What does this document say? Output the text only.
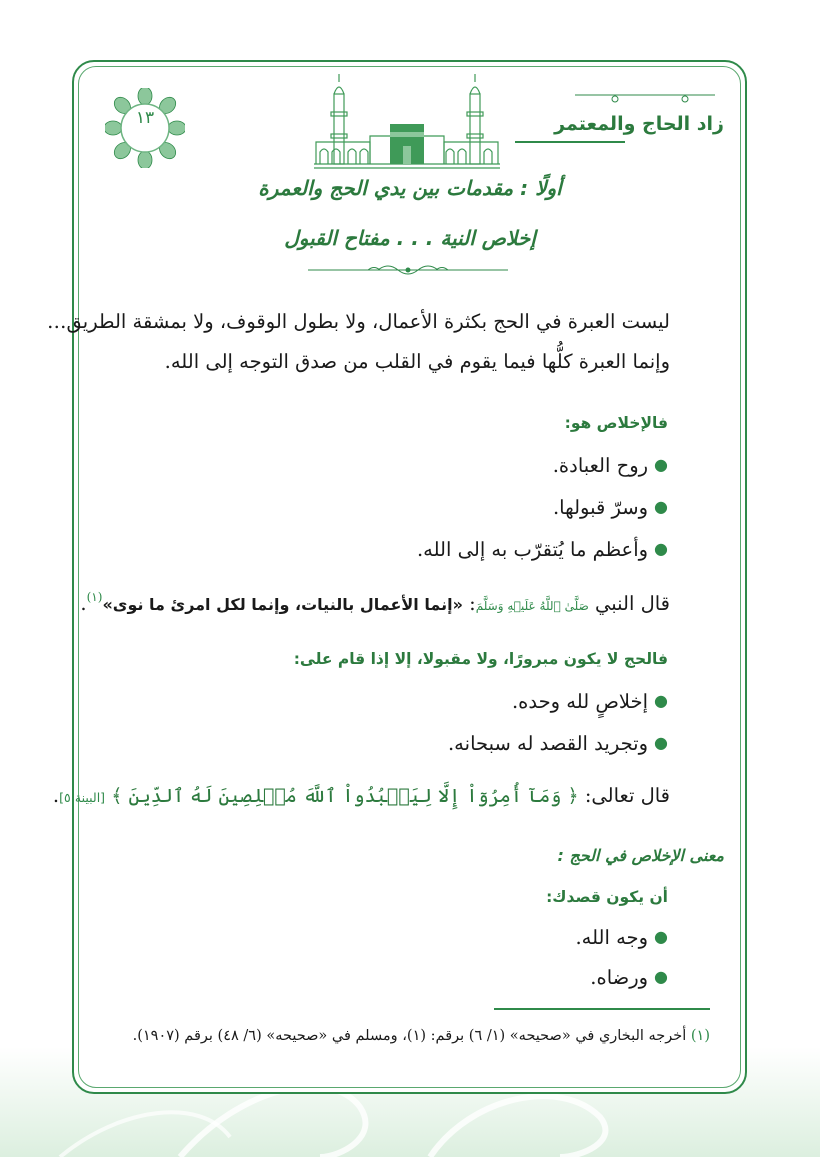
١٣	زاد الحاج والمعتمر
أولًا : مقدمات بين يدي الحج والعمرة
إخلاص النية . . . مفتاح القبول
ليست العبرة في الحج بكثرة الأعمال، ولا بطول الوقوف، ولا بمشقة الطريق…
وإنما العبرة كلُّها فيما يقوم في القلب من صدق التوجه إلى الله.
فالإخلاص هو:
●روح العبادة.
●وسرّ قبولها.
●وأعظم ما يُتقرّب به إلى الله.
قال النبي صَلَّىٰ ٱللَّهُ عَلَيۡهِ وَسَلَّمَ: «إنما الأعمال بالنيات، وإنما لكل امرئ ما نوى»$^{(١)}$.
فالحج لا يكون مبرورًا، ولا مقبولا، إلا إذا قام على:
●إخلاصٍ لله وحده.
●وتجريد القصد له سبحانه.
قال تعالى: ﴿ وَمَآ أُمِرُوٓاْ إِلَّا لِيَعۡبُدُواْ ٱللَّهَ مُخۡلِصِينَ لَهُ ٱلدِّينَ ﴾ [البينة:٥].
معنى الإخلاص في الحج :
أن يكون قصدك:
●وجه الله.
●ورضاه.
(١) أخرجه البخاري في «صحيحه» (١/ ٦) برقم: (١)، ومسلم في «صحيحه» (٦/ ٤٨) برقم (١٩٠٧).
